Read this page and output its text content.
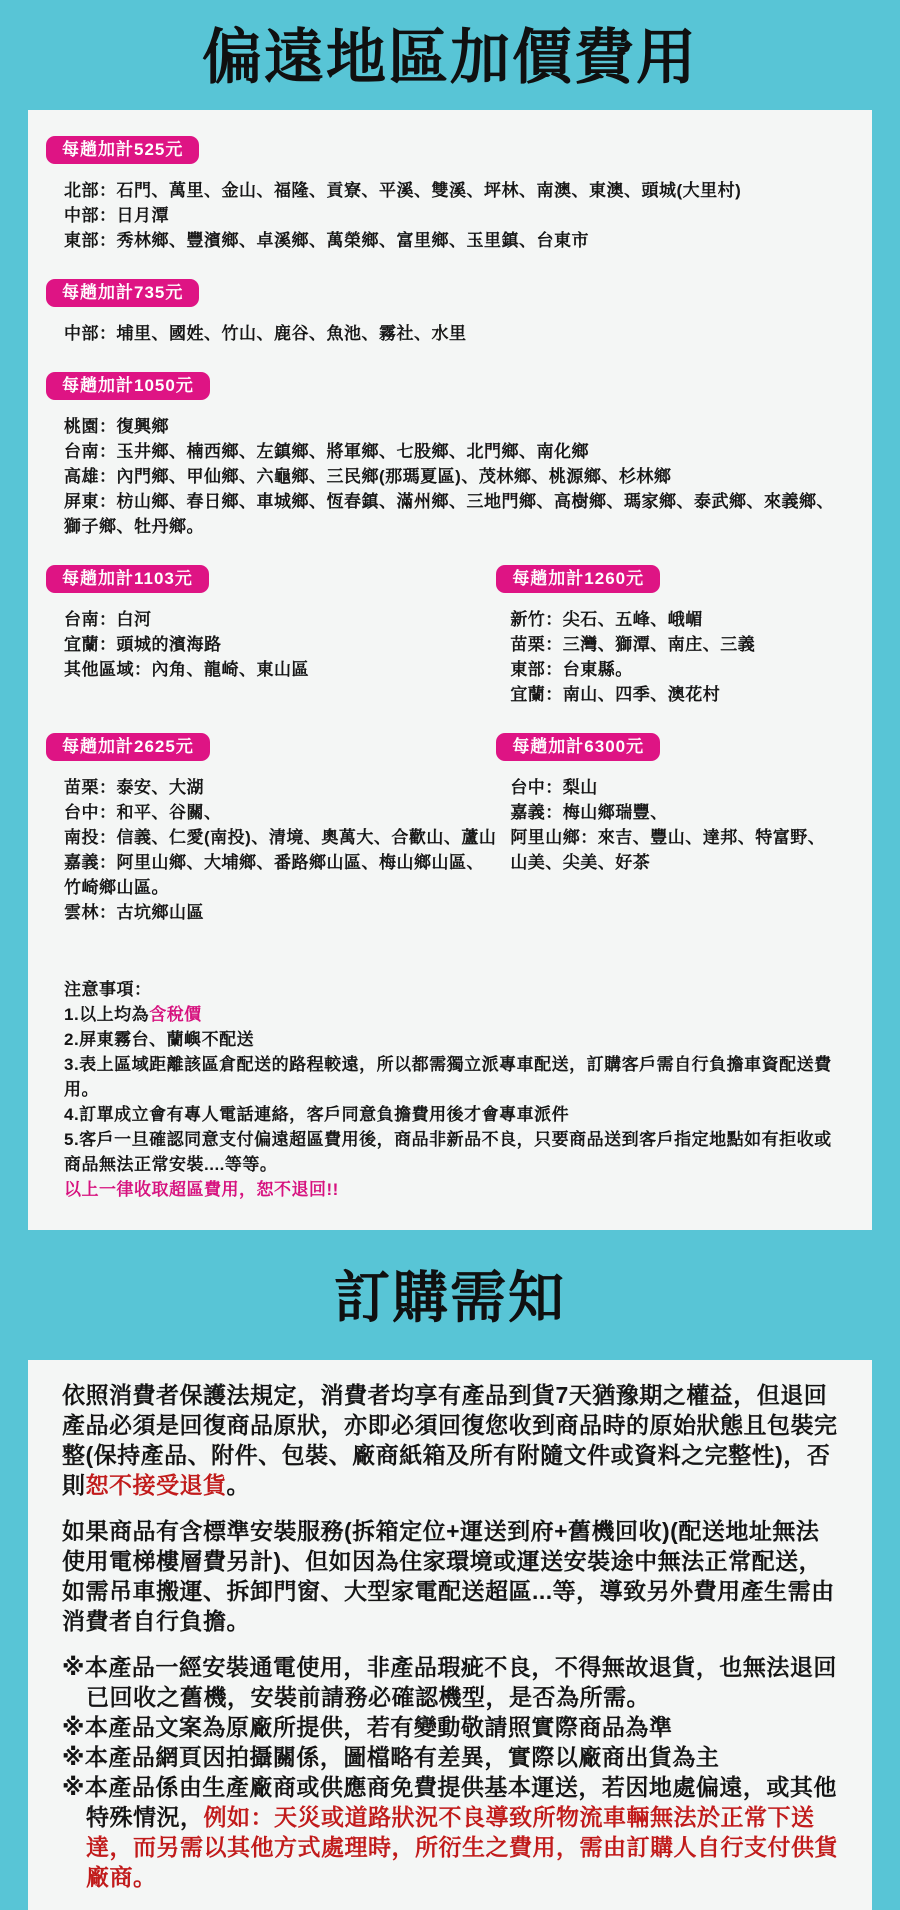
偏遠地區加價費用
每趟加計525元
北部：石門、萬里、金山、福隆、貢寮、平溪、雙溪、坪林、南澳、東澳、頭城(大里村)
中部：日月潭
東部：秀林鄉、豐濱鄉、卓溪鄉、萬榮鄉、富里鄉、玉里鎮、台東市
每趟加計735元
中部：埔里、國姓、竹山、鹿谷、魚池、霧社、水里
每趟加計1050元
桃園：復興鄉
台南：玉井鄉、楠西鄉、左鎮鄉、將軍鄉、七股鄉、北門鄉、南化鄉
高雄：內門鄉、甲仙鄉、六龜鄉、三民鄉(那瑪夏區)、茂林鄉、桃源鄉、杉林鄉
屏東：枋山鄉、春日鄉、車城鄉、恆春鎮、滿州鄉、三地門鄉、高樹鄉、瑪家鄉、泰武鄉、來義鄉、
獅子鄉、牡丹鄉。
每趟加計1103元
台南：白河
宜蘭：頭城的濱海路
其他區域：內角、龍崎、東山區
每趟加計1260元
新竹：尖石、五峰、峨嵋
苗栗：三灣、獅潭、南庄、三義
東部：台東縣。
宜蘭：南山、四季、澳花村
每趟加計2625元
苗栗：泰安、大湖
台中：和平、谷關、
南投：信義、仁愛(南投)、清境、奧萬大、合歡山、蘆山
嘉義：阿里山鄉、大埔鄉、番路鄉山區、梅山鄉山區、
竹崎鄉山區。
雲林：古坑鄉山區
每趟加計6300元
台中：梨山
嘉義：梅山鄉瑞豐、
阿里山鄉：來吉、豐山、達邦、特富野、
山美、尖美、好茶
注意事項：
1.以上均為含稅價
2.屏東霧台、蘭嶼不配送
3.表上區域距離該區倉配送的路程較遠，所以都需獨立派專車配送，訂購客戶需自行負擔車資配送費用。
4.訂單成立會有專人電話連絡，客戶同意負擔費用後才會專車派件
5.客戶一旦確認同意支付偏遠超區費用後，商品非新品不良，只要商品送到客戶指定地點如有拒收或商品無法正常安裝....等等。
以上一律收取超區費用，恕不退回!!
訂購需知

依照消費者保護法規定，消費者均享有產品到貨7天猶豫期之權益，但退回產品必須是回復商品原狀，亦即必須回復您收到商品時的原始狀態且包裝完整(保持產品、附件、包裝、廠商紙箱及所有附隨文件或資料之完整性)，否則恕不接受退貨。

如果商品有含標準安裝服務(拆箱定位+運送到府+舊機回收)(配送地址無法使用電梯樓層費另計)、但如因為住家環境或運送安裝途中無法正常配送，如需吊車搬運、拆卸門窗、大型家電配送超區...等，導致另外費用產生需由消費者自行負擔。

※本產品一經安裝通電使用，非產品瑕疵不良，不得無故退貨，也無法退回已回收之舊機，安裝前請務必確認機型，是否為所需。

※本產品文案為原廠所提供，若有變動敬請照實際商品為準

※本產品網頁因拍攝關係，圖檔略有差異，實際以廠商出貨為主

※本產品係由生產廠商或供應商免費提供基本運送，若因地處偏遠，或其他特殊情況，例如：天災或道路狀況不良導致所物流車輛無法於正常下送達，而另需以其他方式處理時，所衍生之費用，需由訂購人自行支付供貨廠商。
